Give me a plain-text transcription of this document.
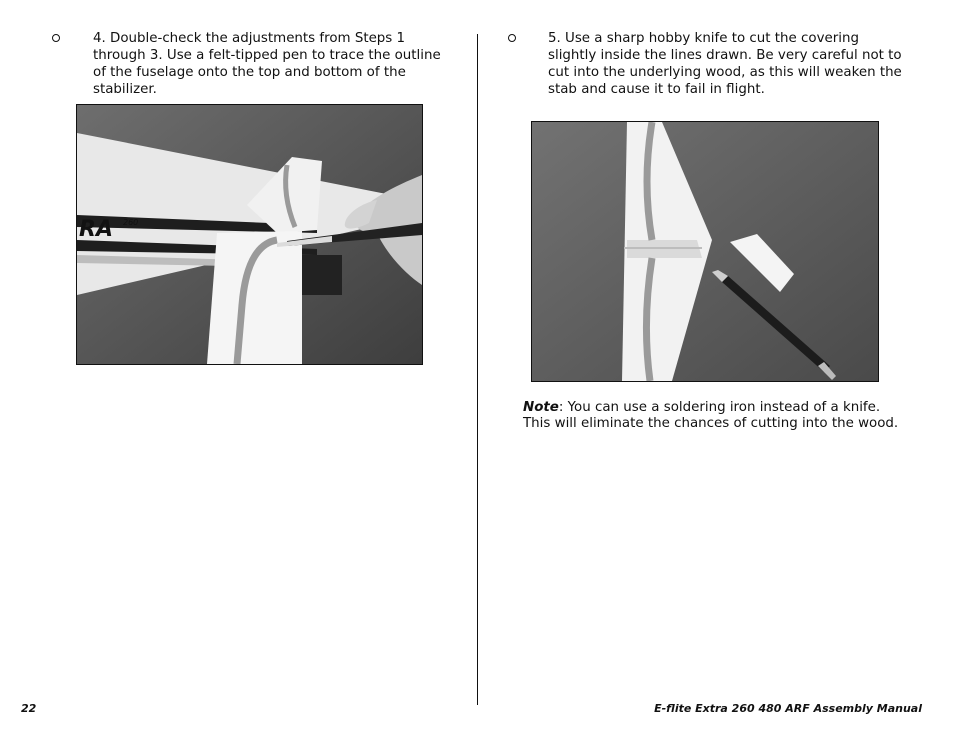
4. Double-check the adjustments from Steps 1 through 3. Use a felt-tipped pen to trace the outline of the fuselage onto the top and bottom of the stabilizer.
RA 260
5. Use a sharp hobby knife to cut the covering slightly inside the lines drawn. Be very careful not to cut into the underlying wood, as this will weaken the stab and cause it to fail in flight.
Note: You can use a soldering iron instead of a knife. This will eliminate the chances of cutting into the wood.
22	E-flite Extra 260 480 ARF Assembly Manual
